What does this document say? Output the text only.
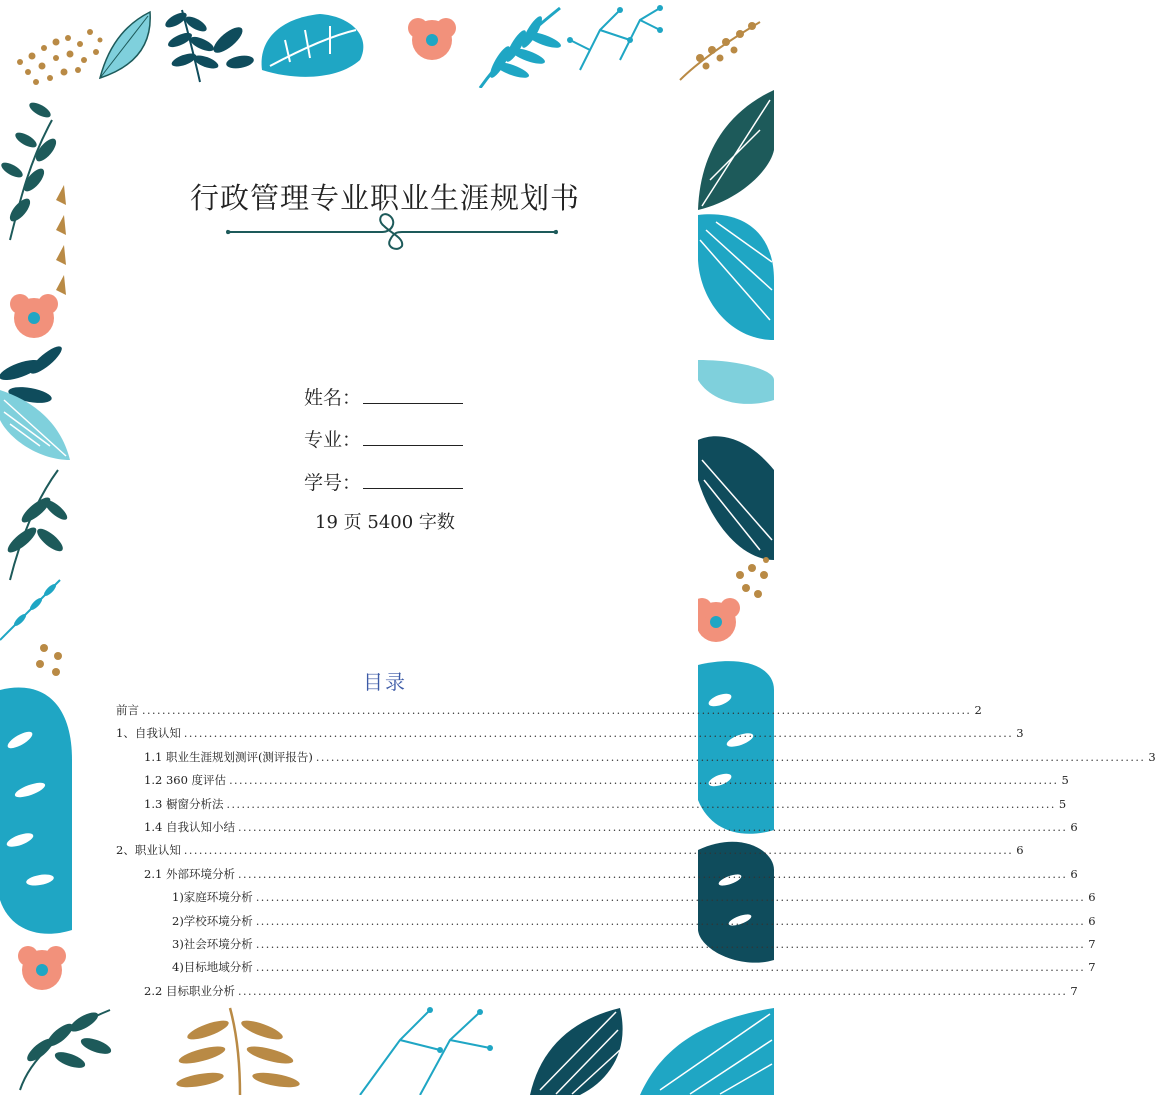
行政管理专业职业生涯规划书
姓名：
专业：
学号：
19 页 5400 字数
目录
前言 ...................................................................................................................................................................... 2
1、自我认知 ...................................................................................................................................................................... 3
1.1 职业生涯规划测评(测评报告) ...................................................................................................................................................................... 3
1.2 360 度评估 ...................................................................................................................................................................... 5
1.3 橱窗分析法 ...................................................................................................................................................................... 5
1.4 自我认知小结 ...................................................................................................................................................................... 6
2、职业认知 ...................................................................................................................................................................... 6
2.1 外部环境分析 ...................................................................................................................................................................... 6
1)家庭环境分析 ...................................................................................................................................................................... 6
2)学校环境分析 ...................................................................................................................................................................... 6
3)社会环境分析 ...................................................................................................................................................................... 7
4)目标地域分析 ...................................................................................................................................................................... 7
2.2 目标职业分析 ...................................................................................................................................................................... 7
